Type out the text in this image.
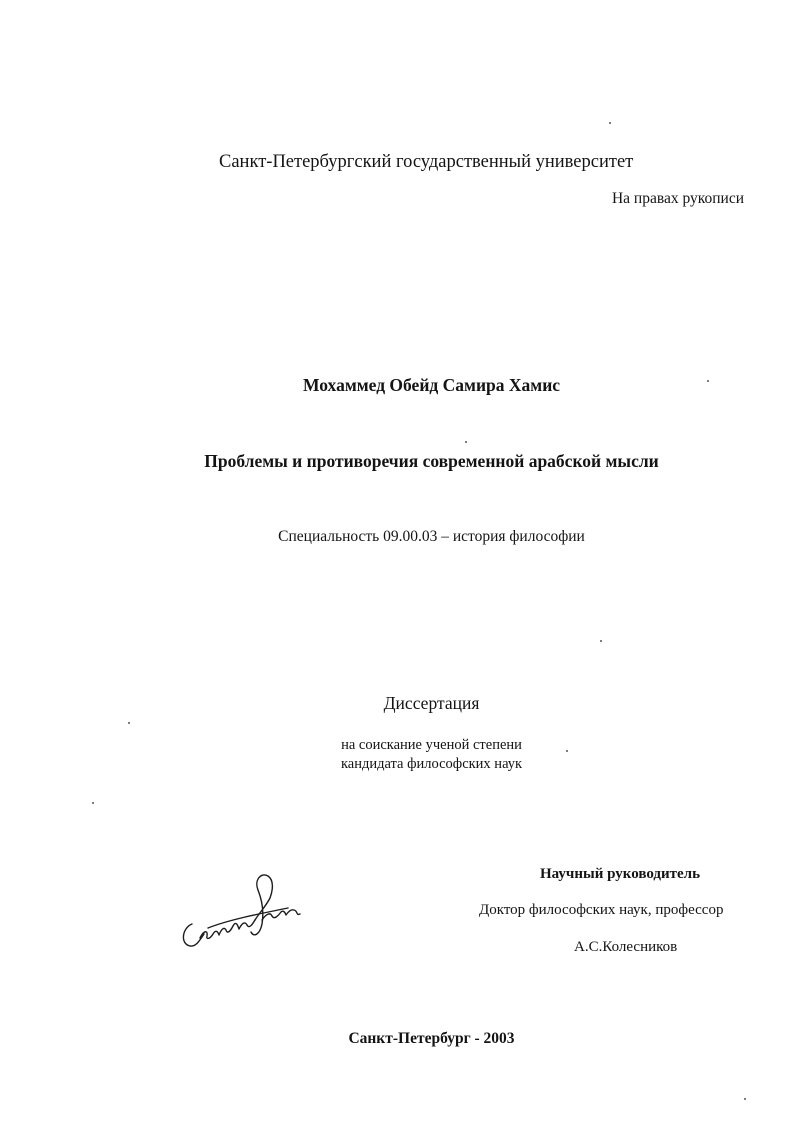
Санкт-Петербургский государственный университет
На правах рукописи
Мохаммед Обейд Самира Хамис
Проблемы и противоречия современной арабской мысли
Специальность 09.00.03 – история философии
Диссертация
на соискание ученой степени
кандидата философских наук
Научный руководитель
Доктор философских наук, профессор
А.С.Колесников
Санкт-Петербург - 2003
